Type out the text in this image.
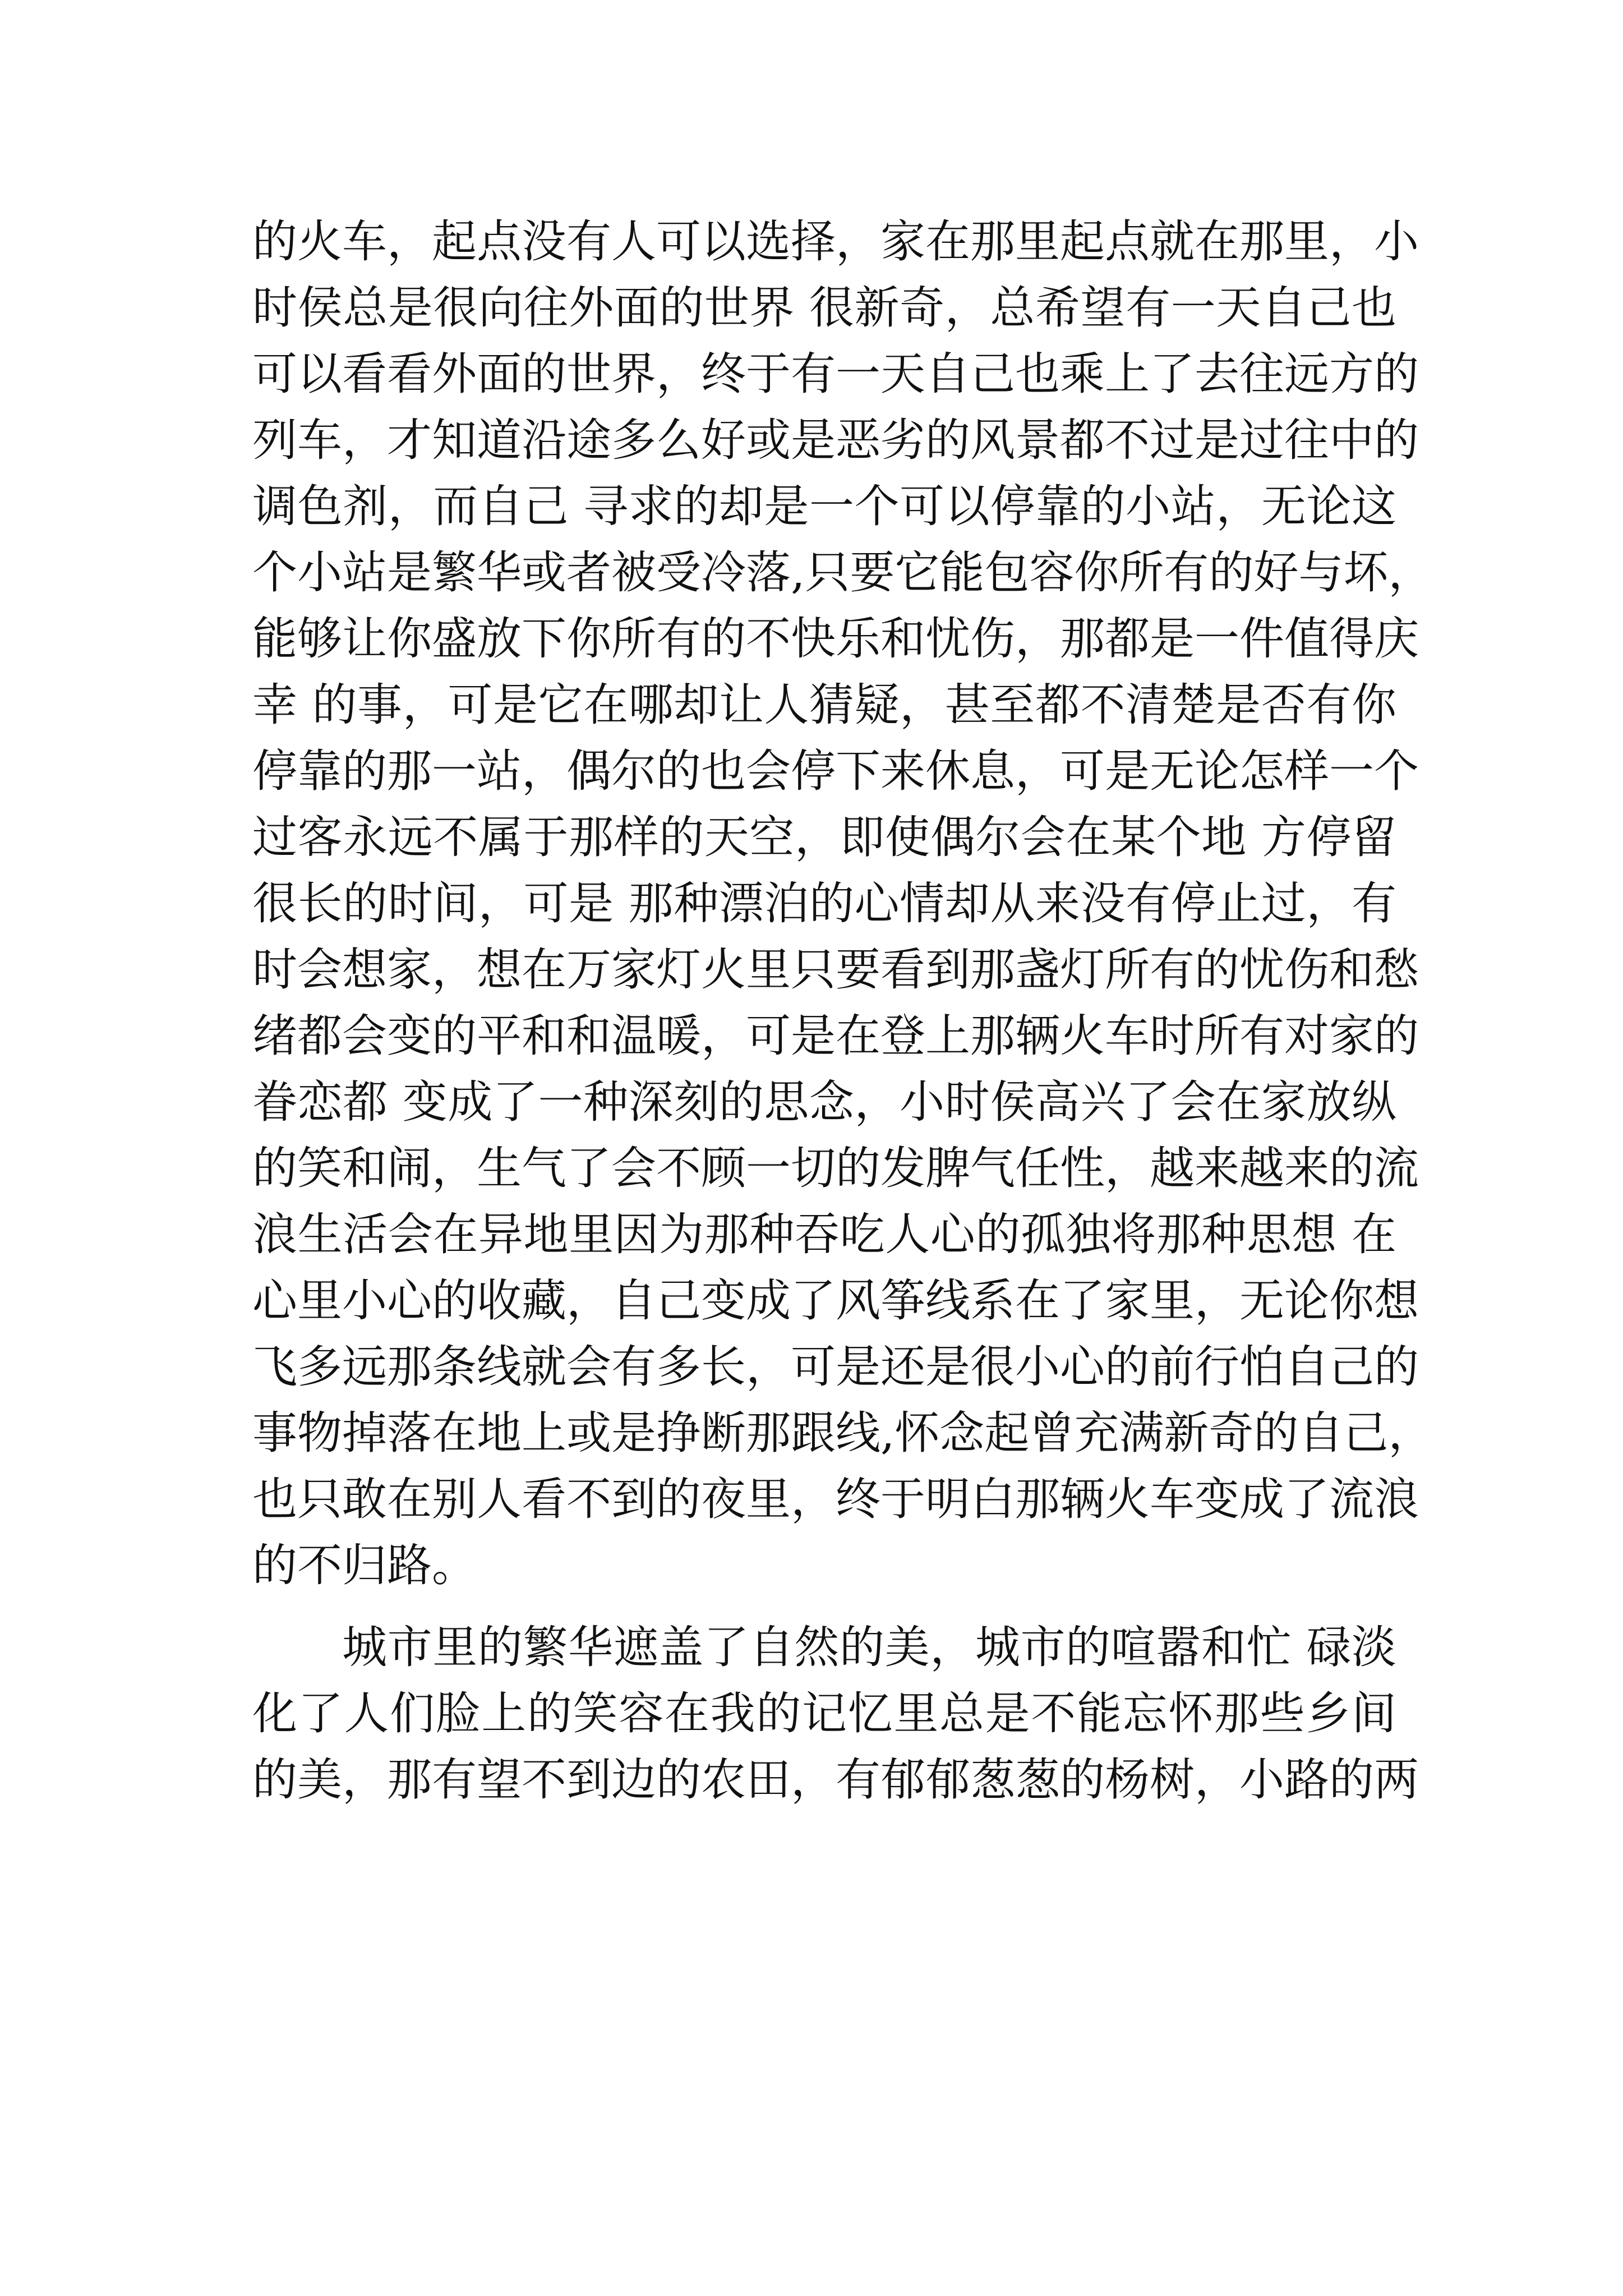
的火车，起点没有人可以选择，家在那里起点就在那里，小
时侯总是很向往外面的世界 很新奇，总希望有一天自己也
可以看看外面的世界，终于有一天自己也乘上了去往远方的
列车，才知道沿途多么好或是恶劣的风景都不过是过往中的
调色剂，而自己 寻求的却是一个可以停靠的小站，无论这
个小站是繁华或者被受冷落,只要它能包容你所有的好与坏，
能够让你盛放下你所有的不快乐和忧伤，那都是一件值得庆
幸 的事，可是它在哪却让人猜疑，甚至都不清楚是否有你
停靠的那一站，偶尔的也会停下来休息，可是无论怎样一个
过客永远不属于那样的天空，即使偶尔会在某个地 方停留
很长的时间，可是 那种漂泊的心情却从来没有停止过，有
时会想家，想在万家灯火里只要看到那盏灯所有的忧伤和愁
绪都会变的平和和温暖，可是在登上那辆火车时所有对家的
眷恋都 变成了一种深刻的思念，小时侯高兴了会在家放纵
的笑和闹，生气了会不顾一切的发脾气任性，越来越来的流
浪生活会在异地里因为那种吞吃人心的孤独将那种思想 在
心里小心的收藏，自己变成了风筝线系在了家里，无论你想
飞多远那条线就会有多长，可是还是很小心的前行怕自己的
事物掉落在地上或是挣断那跟线,怀念起曾充满新奇的自己，
也只敢在别人看不到的夜里，终于明白那辆火车变成了流浪
的不归路。
城市里的繁华遮盖了自然的美，城市的喧嚣和忙 碌淡
化了人们脸上的笑容在我的记忆里总是不能忘怀那些乡间
的美，那有望不到边的农田，有郁郁葱葱的杨树，小路的两
